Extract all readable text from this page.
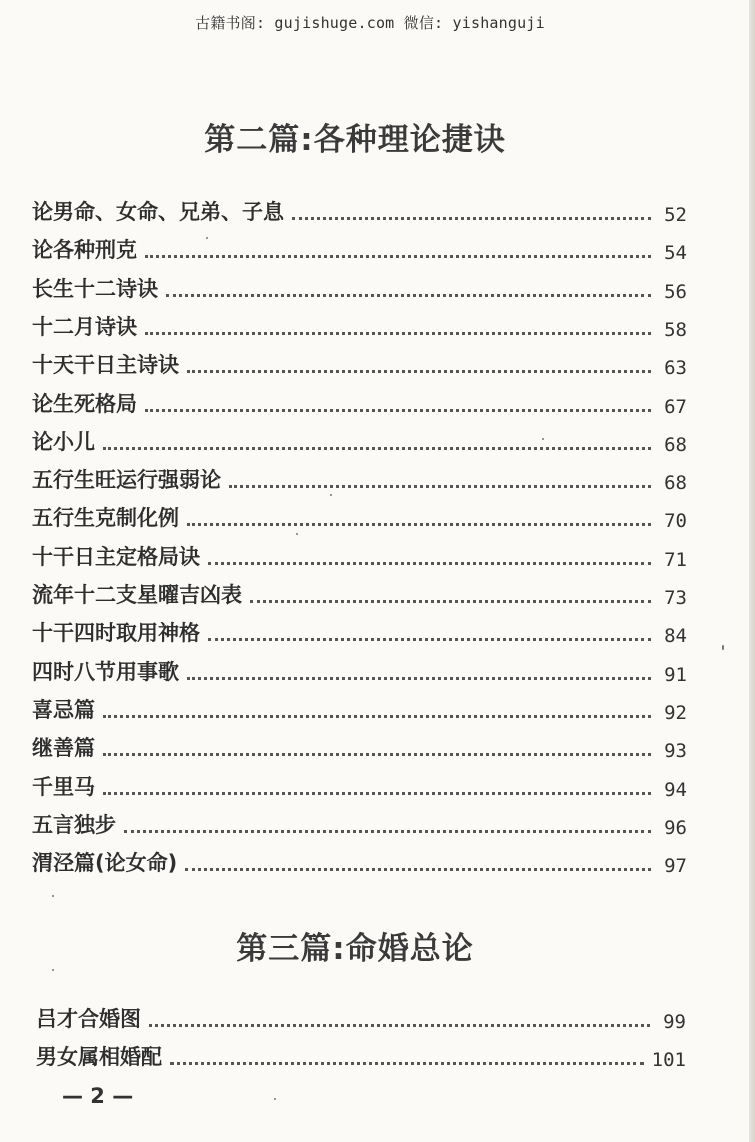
古籍书阁: gujishuge.com 微信: yishanguji
第二篇:各种理论捷诀
论男命、女命、兄弟、子息	52
论各种刑克	54
长生十二诗诀	56
十二月诗诀	58
十天干日主诗诀	63
论生死格局	67
论小儿	68
五行生旺运行强弱论	68
五行生克制化例	70
十干日主定格局诀	71
流年十二支星曜吉凶表	73
十干四时取用神格	84
四时八节用事歌	91
喜忌篇	92
继善篇	93
千里马	94
五言独步	96
渭泾篇(论女命)	97
第三篇:命婚总论
吕才合婚图	99
男女属相婚配	101
— 2 —
